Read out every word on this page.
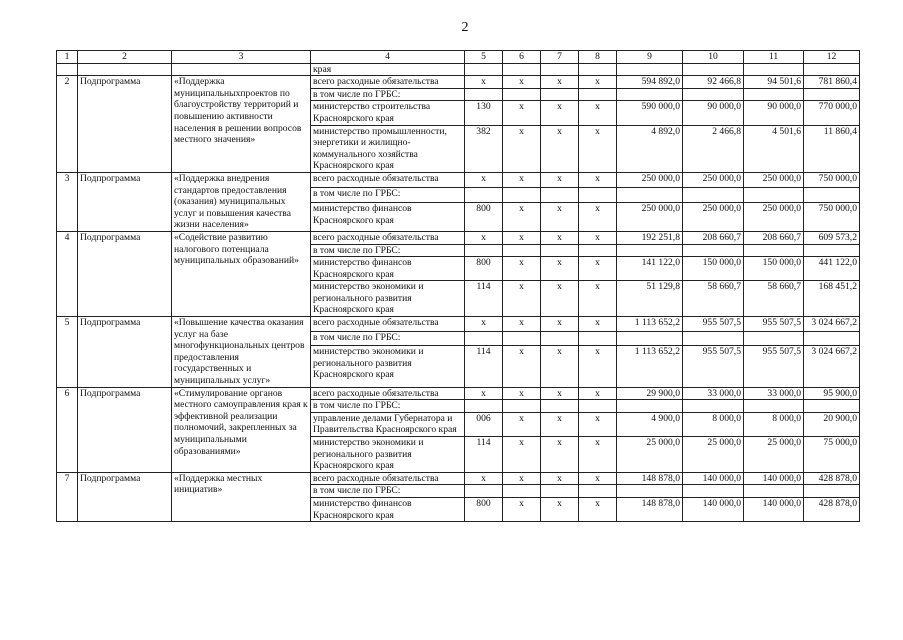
2
1	2	3	4	5	6	7	8	9	10	11	12
			края								
2	Подпрограмма	«Поддержка муниципальныхпроектов по благоустройству территорий и повышению активности населения в решении вопросов местного значения»	всего расходные обязательства	х	х	х	х	594 892,0	92 466,8	94 501,6	781 860,4
			в том числе по ГРБС:								
			министерство строительства Красноярского края	130	х	х	х	590 000,0	90 000,0	90 000,0	770 000,0
			министерство промышленности, энергетики и жилищно-коммунального хозяйства Красноярского края	382	х	х	х	4 892,0	2 466,8	4 501,6	11 860,4
3	Подпрограмма	«Поддержка внедрения стандартов предоставления (оказания) муниципальных услуг и повышения качества жизни населения»	всего расходные обязательства	х	х	х	х	250 000,0	250 000,0	250 000,0	750 000,0
			в том числе по ГРБС:								
			министерство финансов Красноярского края	800	х	х	х	250 000,0	250 000,0	250 000,0	750 000,0
4	Подпрограмма	«Содействие развитию налогового потенциала муниципальных образований»	всего расходные обязательства	х	х	х	х	192 251,8	208 660,7	208 660,7	609 573,2
			в том числе по ГРБС:								
			министерство финансов Красноярского края	800	х	х	х	141 122,0	150 000,0	150 000,0	441 122,0
			министерство экономики и регионального развития Красноярского края	114	х	х	х	51 129,8	58 660,7	58 660,7	168 451,2
5	Подпрограмма	«Повышение качества оказания услуг на базе многофункциональных центров предоставления государственных и муниципальных услуг»	всего расходные обязательства	х	х	х	х	1 113 652,2	955 507,5	955 507,5	3 024 667,2
			в том числе по ГРБС:								
			министерство экономики и регионального развития Красноярского края	114	х	х	х	1 113 652,2	955 507,5	955 507,5	3 024 667,2
6	Подпрограмма	«Стимулирование органов местного самоуправления края к эффективной реализации полномочий, закрепленных за муниципальными образованиями»	всего расходные обязательства	х	х	х	х	29 900,0	33 000,0	33 000,0	95 900,0
			в том числе по ГРБС:								
			управление делами Губернатора и Правительства Красноярского края	006	х	х	х	4 900,0	8 000,0	8 000,0	20 900,0
			министерство экономики и регионального развития Красноярского края	114	х	х	х	25 000,0	25 000,0	25 000,0	75 000,0
7	Подпрограмма	«Поддержка местных инициатив»	всего расходные обязательства	х	х	х	х	148 878,0	140 000,0	140 000,0	428 878,0
			в том числе по ГРБС:								
			министерство финансов Красноярского края	800	х	х	х	148 878,0	140 000,0	140 000,0	428 878,0
